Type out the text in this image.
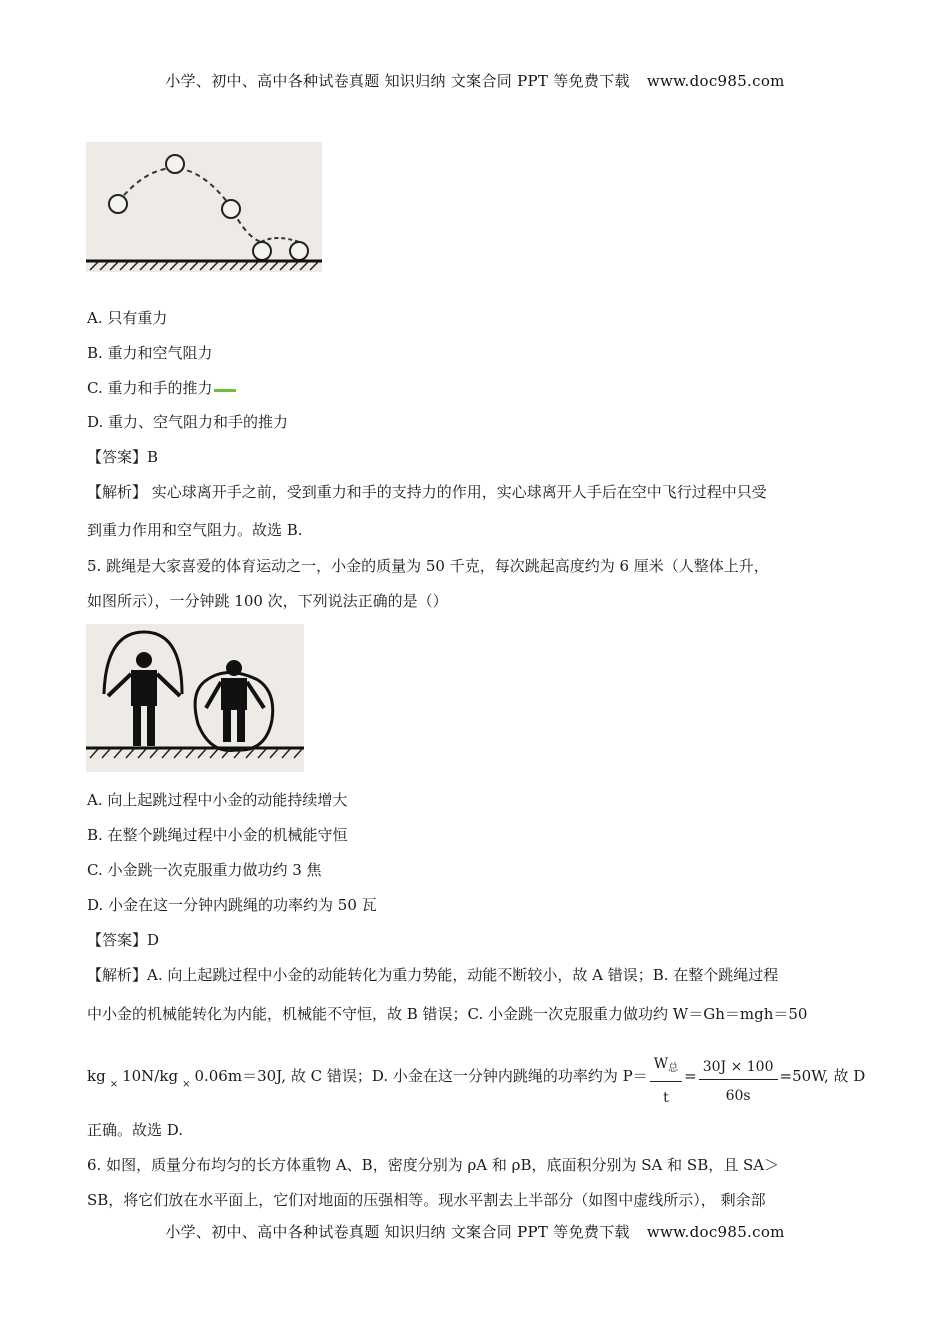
小学、初中、高中各种试卷真题 知识归纳 文案合同 PPT 等免费下载 www.doc985.com
A. 只有重力
B. 重力和空气阻力
C. 重力和手的推力
D. 重力、空气阻力和手的推力
【答案】B
【解析】 实心球离开手之前，受到重力和手的支持力的作用，实心球离开人手后在空中飞行过程中只受
到重力作用和空气阻力。故选 B.
5. 跳绳是大家喜爱的体育运动之一，小金的质量为 50 千克，每次跳起高度约为 6 厘米（人整体上升，
如图所示），一分钟跳 100 次，下列说法正确的是（）
A. 向上起跳过程中小金的动能持续增大
B. 在整个跳绳过程中小金的机械能守恒
C. 小金跳一次克服重力做功约 3 焦
D. 小金在这一分钟内跳绳的功率约为 50 瓦
【答案】D
【解析】A. 向上起跳过程中小金的动能转化为重力势能，动能不断较小，故 A 错误；B. 在整个跳绳过程
中小金的机械能转化为内能，机械能不守恒，故 B 错误；C. 小金跳一次克服重力做功约 W＝Gh＝mgh＝50
kg $_\times$ 10N/kg $_\times$ 0.06m＝30J, 故 C 错误；D. 小金在这一分钟内跳绳的功率约为 $P= \frac{W_总}{t} = \frac{30J \times 100}{60s} =50W$, 故 D
正确。故选 D.
6. 如图，质量分布均匀的长方体重物 A、B，密度分别为 ρA 和 ρB，底面积分别为 SA 和 SB，且 SA＞
SB，将它们放在水平面上，它们对地面的压强相等。现水平割去上半部分（如图中虚线所示）， 剩余部
小学、初中、高中各种试卷真题 知识归纳 文案合同 PPT 等免费下载 www.doc985.com
